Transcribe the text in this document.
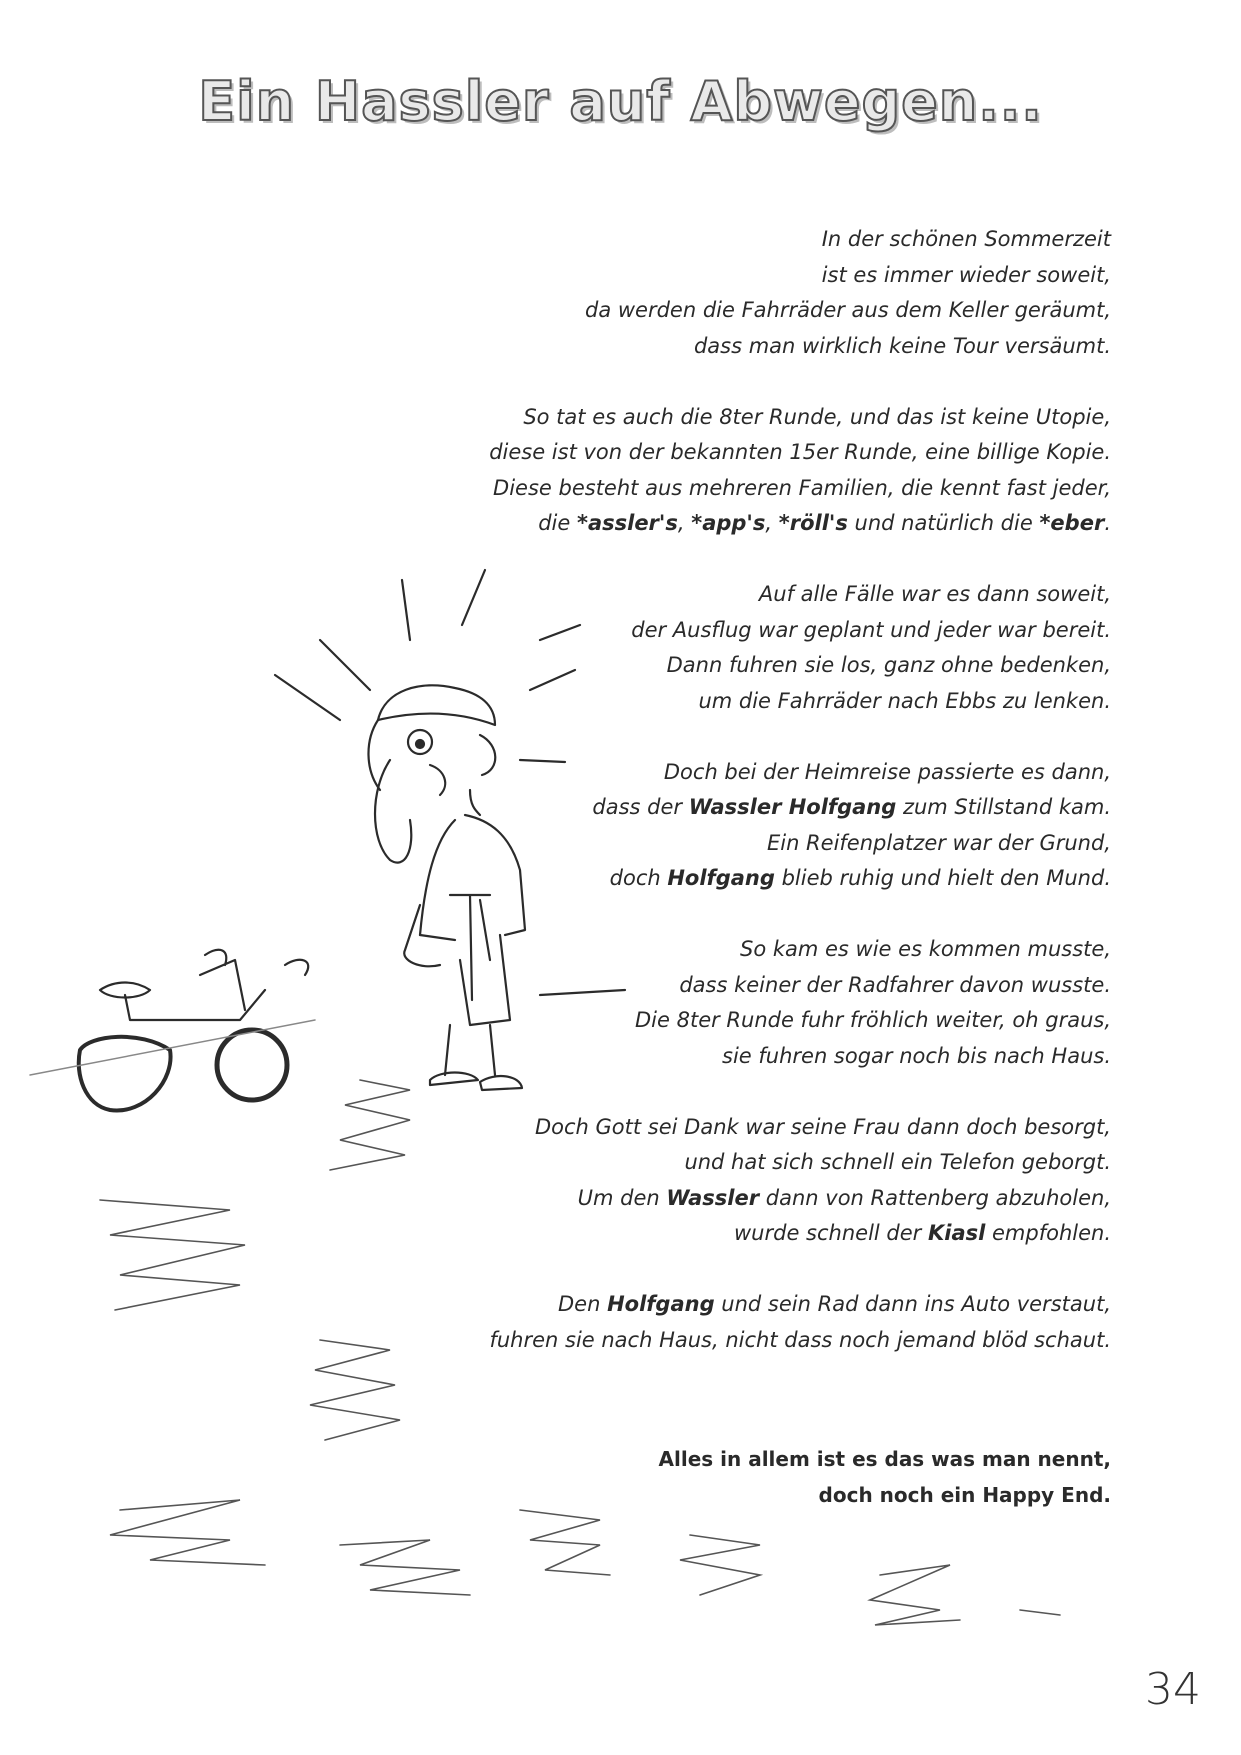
Ein Hassler auf Abwegen...
In der schönen Sommerzeit
ist es immer wieder soweit,
da werden die Fahrräder aus dem Keller geräumt,
dass man wirklich keine Tour versäumt.
So tat es auch die 8ter Runde, und das ist keine Utopie,
diese ist von der bekannten 15er Runde, eine billige Kopie.
Diese besteht aus mehreren Familien, die kennt fast jeder,
die *assler's, *app's, *röll's und natürlich die *eber.
Auf alle Fälle war es dann soweit,
der Ausflug war geplant und jeder war bereit.
Dann fuhren sie los, ganz ohne bedenken,
um die Fahrräder nach Ebbs zu lenken.
Doch bei der Heimreise passierte es dann,
dass der Wassler Holfgang zum Stillstand kam.
Ein Reifenplatzer war der Grund,
doch Holfgang blieb ruhig und hielt den Mund.
So kam es wie es kommen musste,
dass keiner der Radfahrer davon wusste.
Die 8ter Runde fuhr fröhlich weiter, oh graus,
sie fuhren sogar noch bis nach Haus.
Doch Gott sei Dank war seine Frau dann doch besorgt,
und hat sich schnell ein Telefon geborgt.
Um den Wassler dann von Rattenberg abzuholen,
wurde schnell der Kiasl empfohlen.
Den Holfgang und sein Rad dann ins Auto verstaut,
fuhren sie nach Haus, nicht dass noch jemand blöd schaut.
Alles in allem ist es das was man nennt,
doch noch ein Happy End.
34
